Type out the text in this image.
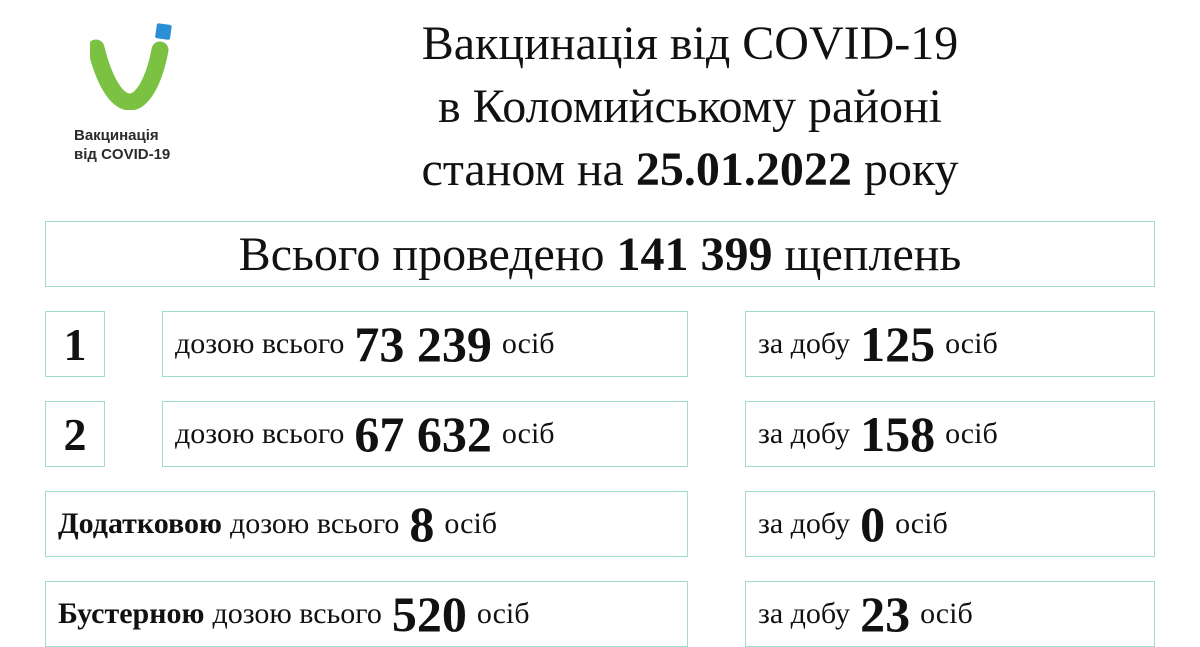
Вакцинація
від COVID-19
Вакцинація від COVID-19
в Коломийському районі
станом на 25.01.2022 року
Всього проведено
141 399
щеплень
1	дозою всього 73 239 осіб	за добу 125 осіб
2	дозою всього 67 632 осіб	за добу 158 осіб
Додатковою дозою всього 8 осіб	за добу 0 осіб
Бустерною дозою всього 520 осіб	за добу 23 осіб
